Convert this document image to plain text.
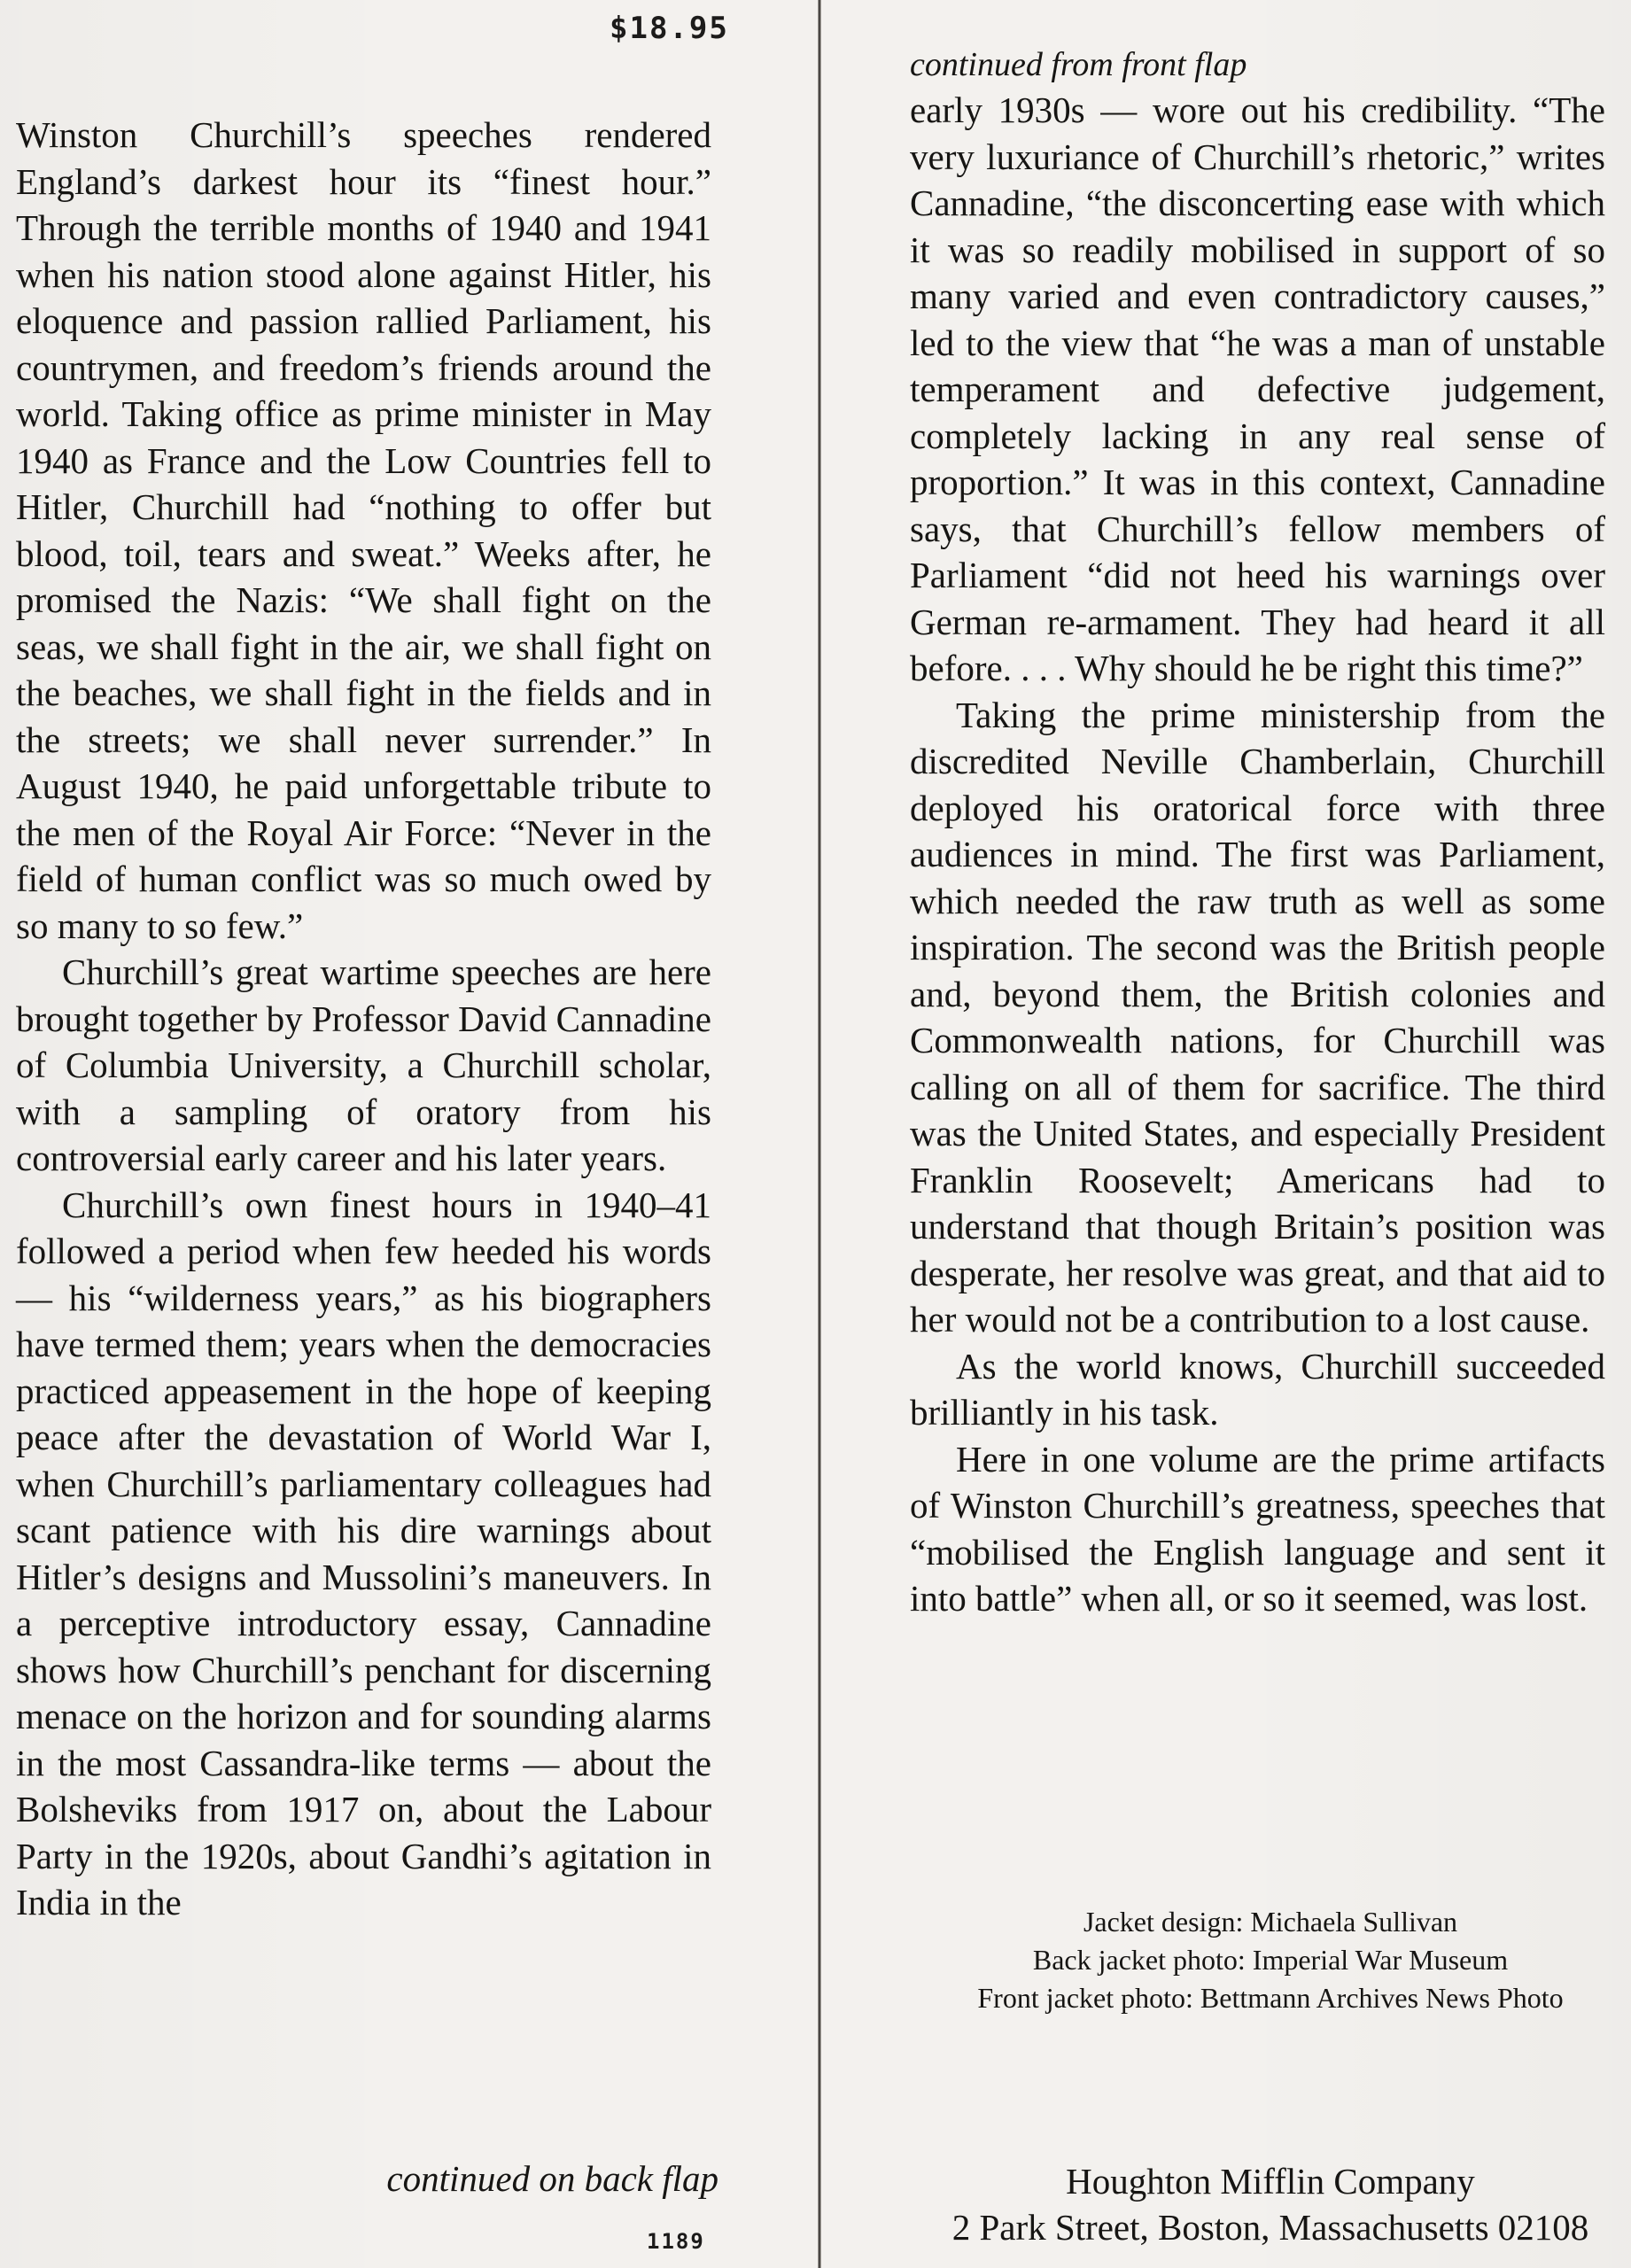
$18.95

Winston Churchill’s speeches rendered England’s darkest hour its “finest hour.” Through the terrible months of 1940 and 1941 when his nation stood alone against Hitler, his eloquence and passion rallied Parliament, his countrymen, and freedom’s friends around the world. Taking office as prime minister in May 1940 as France and the Low Countries fell to Hitler, Churchill had “nothing to offer but blood, toil, tears and sweat.” Weeks after, he promised the Nazis: “We shall fight on the seas, we shall fight in the air, we shall fight on the beaches, we shall fight in the fields and in the streets; we shall never surrender.” In August 1940, he paid unforgettable tribute to the men of the Royal Air Force: “Never in the field of human conflict was so much owed by so many to so few.”

Churchill’s great wartime speeches are here brought together by Professor David Cannadine of Columbia University, a Churchill scholar, with a sampling of oratory from his controversial early career and his later years.

Churchill’s own finest hours in 1940–41 followed a period when few heeded his words — his “wilderness years,” as his biographers have termed them; years when the democracies practiced appeasement in the hope of keeping peace after the devastation of World War I, when Churchill’s parliamentary colleagues had scant patience with his dire warnings about Hitler’s designs and Mussolini’s maneuvers. In a perceptive introductory essay, Cannadine shows how Churchill’s penchant for discerning menace on the horizon and for sounding alarms in the most Cassandra-like terms — about the Bolsheviks from 1917 on, about the Labour Party in the 1920s, about Gandhi’s agitation in India in the

continued on back flap
1189

continued from front flap

early 1930s — wore out his credibility. “The very luxuriance of Churchill’s rhetoric,” writes Cannadine, “the disconcerting ease with which it was so readily mobilised in support of so many varied and even contradictory causes,” led to the view that “he was a man of unstable temperament and defective judgement, completely lacking in any real sense of proportion.” It was in this context, Cannadine says, that Churchill’s fellow members of Parliament “did not heed his warnings over German re-armament. They had heard it all before. . . . Why should he be right this time?”

Taking the prime ministership from the discredited Neville Chamberlain, Churchill deployed his oratorical force with three audiences in mind. The first was Parliament, which needed the raw truth as well as some inspiration. The second was the British people and, beyond them, the British colonies and Commonwealth nations, for Churchill was calling on all of them for sacrifice. The third was the United States, and especially President Franklin Roosevelt; Americans had to understand that though Britain’s position was desperate, her resolve was great, and that aid to her would not be a contribution to a lost cause.

As the world knows, Churchill succeeded brilliantly in his task.

Here in one volume are the prime artifacts of Winston Churchill’s greatness, speeches that “mobilised the English language and sent it into battle” when all, or so it seemed, was lost.

Jacket design: Michaela Sullivan
Back jacket photo: Imperial War Museum
Front jacket photo: Bettmann Archives News Photo
Houghton Mifflin Company
2 Park Street, Boston, Massachusetts 02108
